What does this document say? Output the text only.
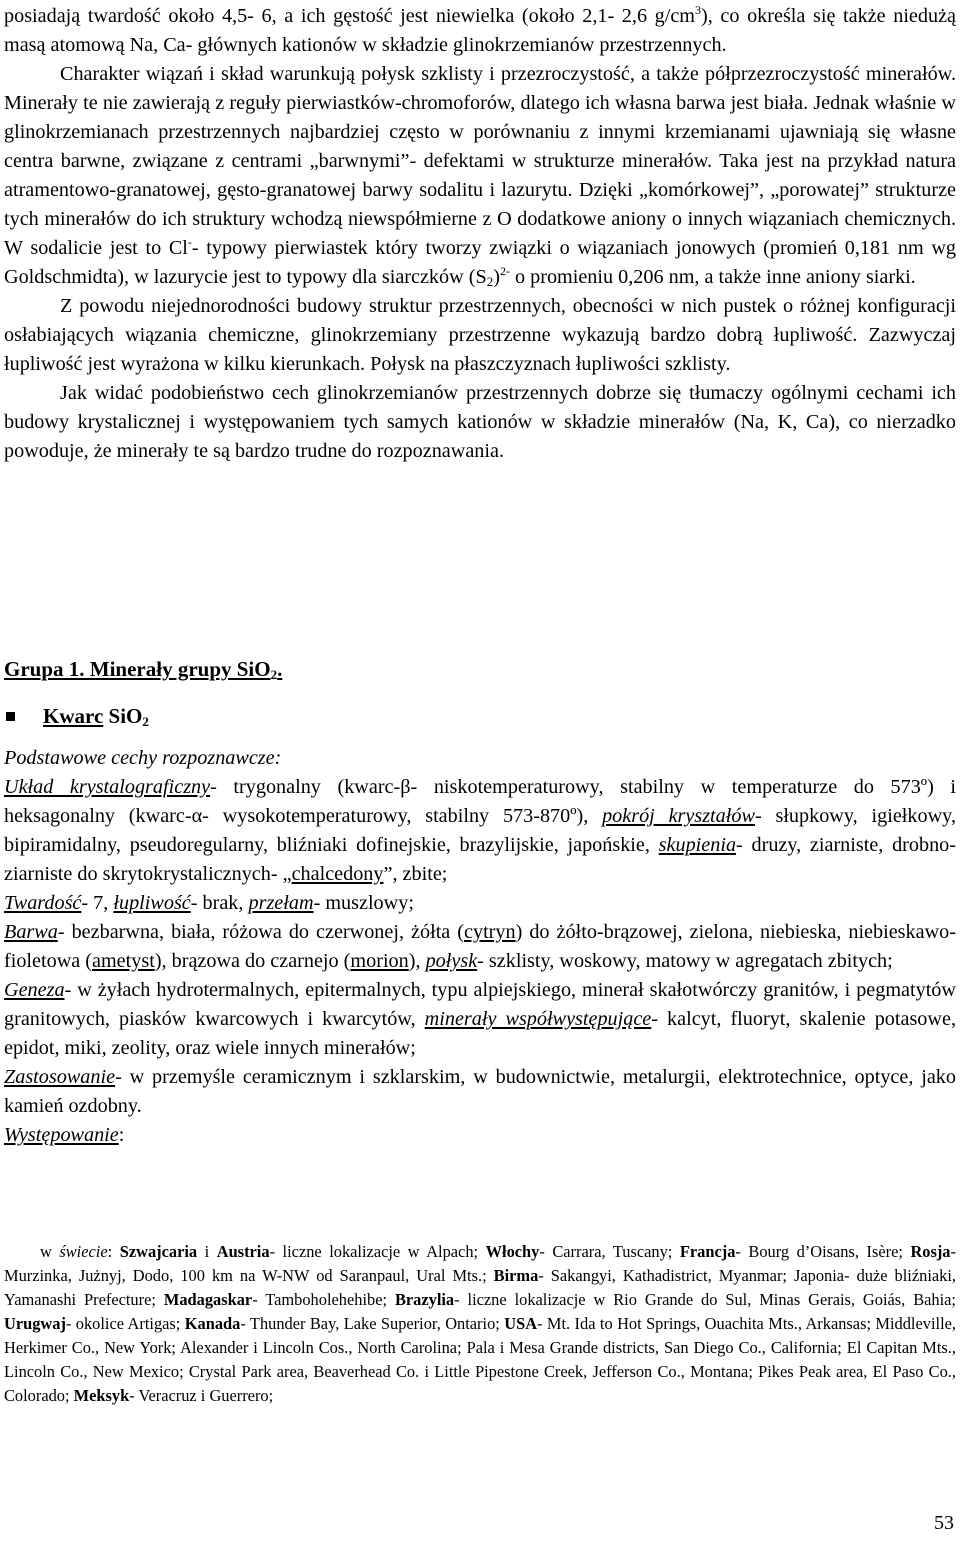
posiadają twardość około 4,5- 6, a ich gęstość jest niewielka (około 2,1- 2,6 $g/cm^3$), co określa się także niedużą masą atomową Na, Ca- głównych kationów w składzie glinokrzemianów przestrzennych.

Charakter wiązań i skład warunkują połysk szklisty i przezroczystość, a także półprzezroczystość minerałów. Minerały te nie zawierają z reguły pierwiastków-chromoforów, dlatego ich własna barwa jest biała. Jednak właśnie w glinokrzemianach przestrzennych najbardziej często w porównaniu z innymi krzemianami ujawniają się własne centra barwne, związane z centrami „barwnymi”- defektami w strukturze minerałów. Taka jest na przykład natura atramentowo-granatowej, gęsto-granatowej barwy sodalitu i lazurytu. Dzięki „komórkowej”, „porowatej” strukturze tych minerałów do ich struktury wchodzą niewspółmierne z O dodatkowe aniony o innych wiązaniach chemicznych. W sodalicie jest to Cl-- typowy pierwiastek który tworzy związki o wiązaniach jonowych (promień 0,181 nm wg Goldschmidta), w lazurycie jest to typowy dla siarczków $(S_2)^{2-}$ o promieniu 0,206 nm, a także inne aniony siarki.

Z powodu niejednorodności budowy struktur przestrzennych, obecności w nich pustek o różnej konfiguracji osłabiających wiązania chemiczne, glinokrzemiany przestrzenne wykazują bardzo dobrą łupliwość. Zazwyczaj łupliwość jest wyrażona w kilku kierunkach. Połysk na płaszczyznach łupliwości szklisty.

Jak widać podobieństwo cech glinokrzemianów przestrzennych dobrze się tłumaczy ogólnymi cechami ich budowy krystalicznej i występowaniem tych samych kationów w składzie minerałów (Na, K, Ca), co nierzadko powoduje, że minerały te są bardzo trudne do rozpoznawania.

Grupa 1. Minerały grupy SiO$_2$.
Kwarc SiO$_2$

Podstawowe cechy rozpoznawcze:

Układ krystalograficzny- trygonalny (kwarc-β- niskotemperaturowy, stabilny w temperaturze do 573º) i heksagonalny (kwarc-α- wysokotemperaturowy, stabilny 573-870º), pokrój kryształów- słupkowy, igiełkowy, bipiramidalny, pseudoregularny, bliźniaki dofinejskie, brazylijskie, japońskie, skupienia- druzy, ziarniste, drobno-ziarniste do skrytokrystalicznych- „chalcedony”, zbite;

Twardość- 7, łupliwość- brak, przełam- muszlowy;

Barwa- bezbarwna, biała, różowa do czerwonej, żółta (cytryn) do żółto-brązowej, zielona, niebieska, niebieskawo-fioletowa (ametyst), brązowa do czarnejo (morion), połysk- szklisty, woskowy, matowy w agregatach zbitych;

Geneza- w żyłach hydrotermalnych, epitermalnych, typu alpiejskiego, minerał skałotwórczy granitów, i pegmatytów granitowych, piasków kwarcowych i kwarcytów, minerały współwystępujące- kalcyt, fluoryt, skalenie potasowe, epidot, miki, zeolity, oraz wiele innych minerałów;

Zastosowanie- w przemyśle ceramicznym i szklarskim, w budownictwie, metalurgii, elektrotechnice, optyce, jako kamień ozdobny.

Występowanie:

w świecie: Szwajcaria i Austria- liczne lokalizacje w Alpach; Włochy- Carrara, Tuscany; Francja- Bourg d’Oisans, Isère; Rosja- Murzinka, Jużnyj, Dodo, 100 km na W-NW od Saranpaul, Ural Mts.; Birma- Sakangyi, Kathadistrict, Myanmar; Japonia- duże bliźniaki, Yamanashi Prefecture; Madagaskar- Tamboholehehibe; Brazylia- liczne lokalizacje w Rio Grande do Sul, Minas Gerais, Goiás, Bahia; Urugwaj- okolice Artigas; Kanada- Thunder Bay, Lake Superior, Ontario; USA- Mt. Ida to Hot Springs, Ouachita Mts., Arkansas; Middleville, Herkimer Co., New York; Alexander i Lincoln Cos., North Carolina; Pala i Mesa Grande districts, San Diego Co., California; El Capitan Mts., Lincoln Co., New Mexico; Crystal Park area, Beaverhead Co. i Little Pipestone Creek, Jefferson Co., Montana; Pikes Peak area, El Paso Co., Colorado; Meksyk- Veracruz i Guerrero;

53
